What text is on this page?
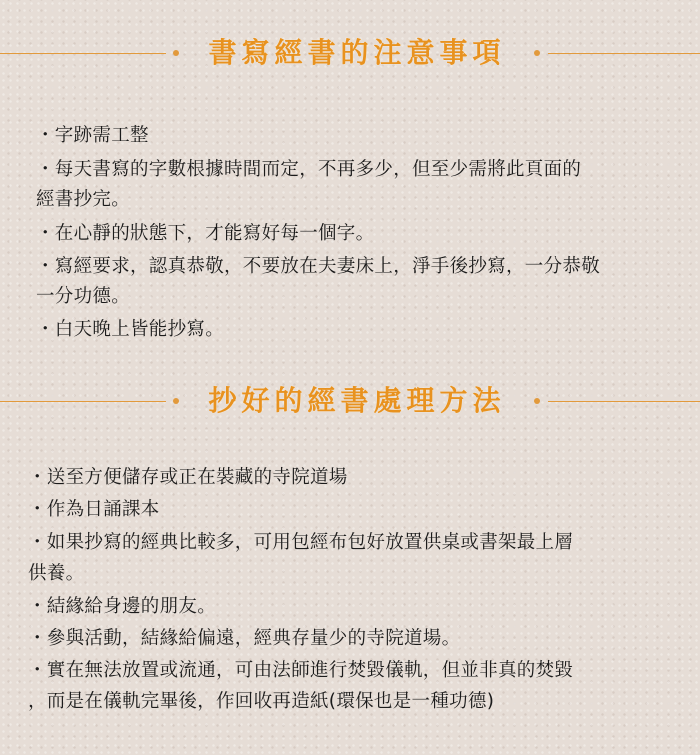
書寫經書的注意事項
・字跡需工整
・每天書寫的字數根據時間而定，不再多少，但至少需將此頁面的
經書抄完。
・在心靜的狀態下，才能寫好每一個字。
・寫經要求，認真恭敬，不要放在夫妻床上，淨手後抄寫，一分恭敬
一分功德。
・白天晚上皆能抄寫。
抄好的經書處理方法
・送至方便儲存或正在裝藏的寺院道場
・作為日誦課本
・如果抄寫的經典比較多，可用包經布包好放置供桌或書架最上層
供養。
・結緣給身邊的朋友。
・參與活動，結緣給偏遠，經典存量少的寺院道場。
・實在無法放置或流通，可由法師進行焚毀儀軌，但並非真的焚毀
，而是在儀軌完畢後，作回收再造紙(環保也是一種功德)
